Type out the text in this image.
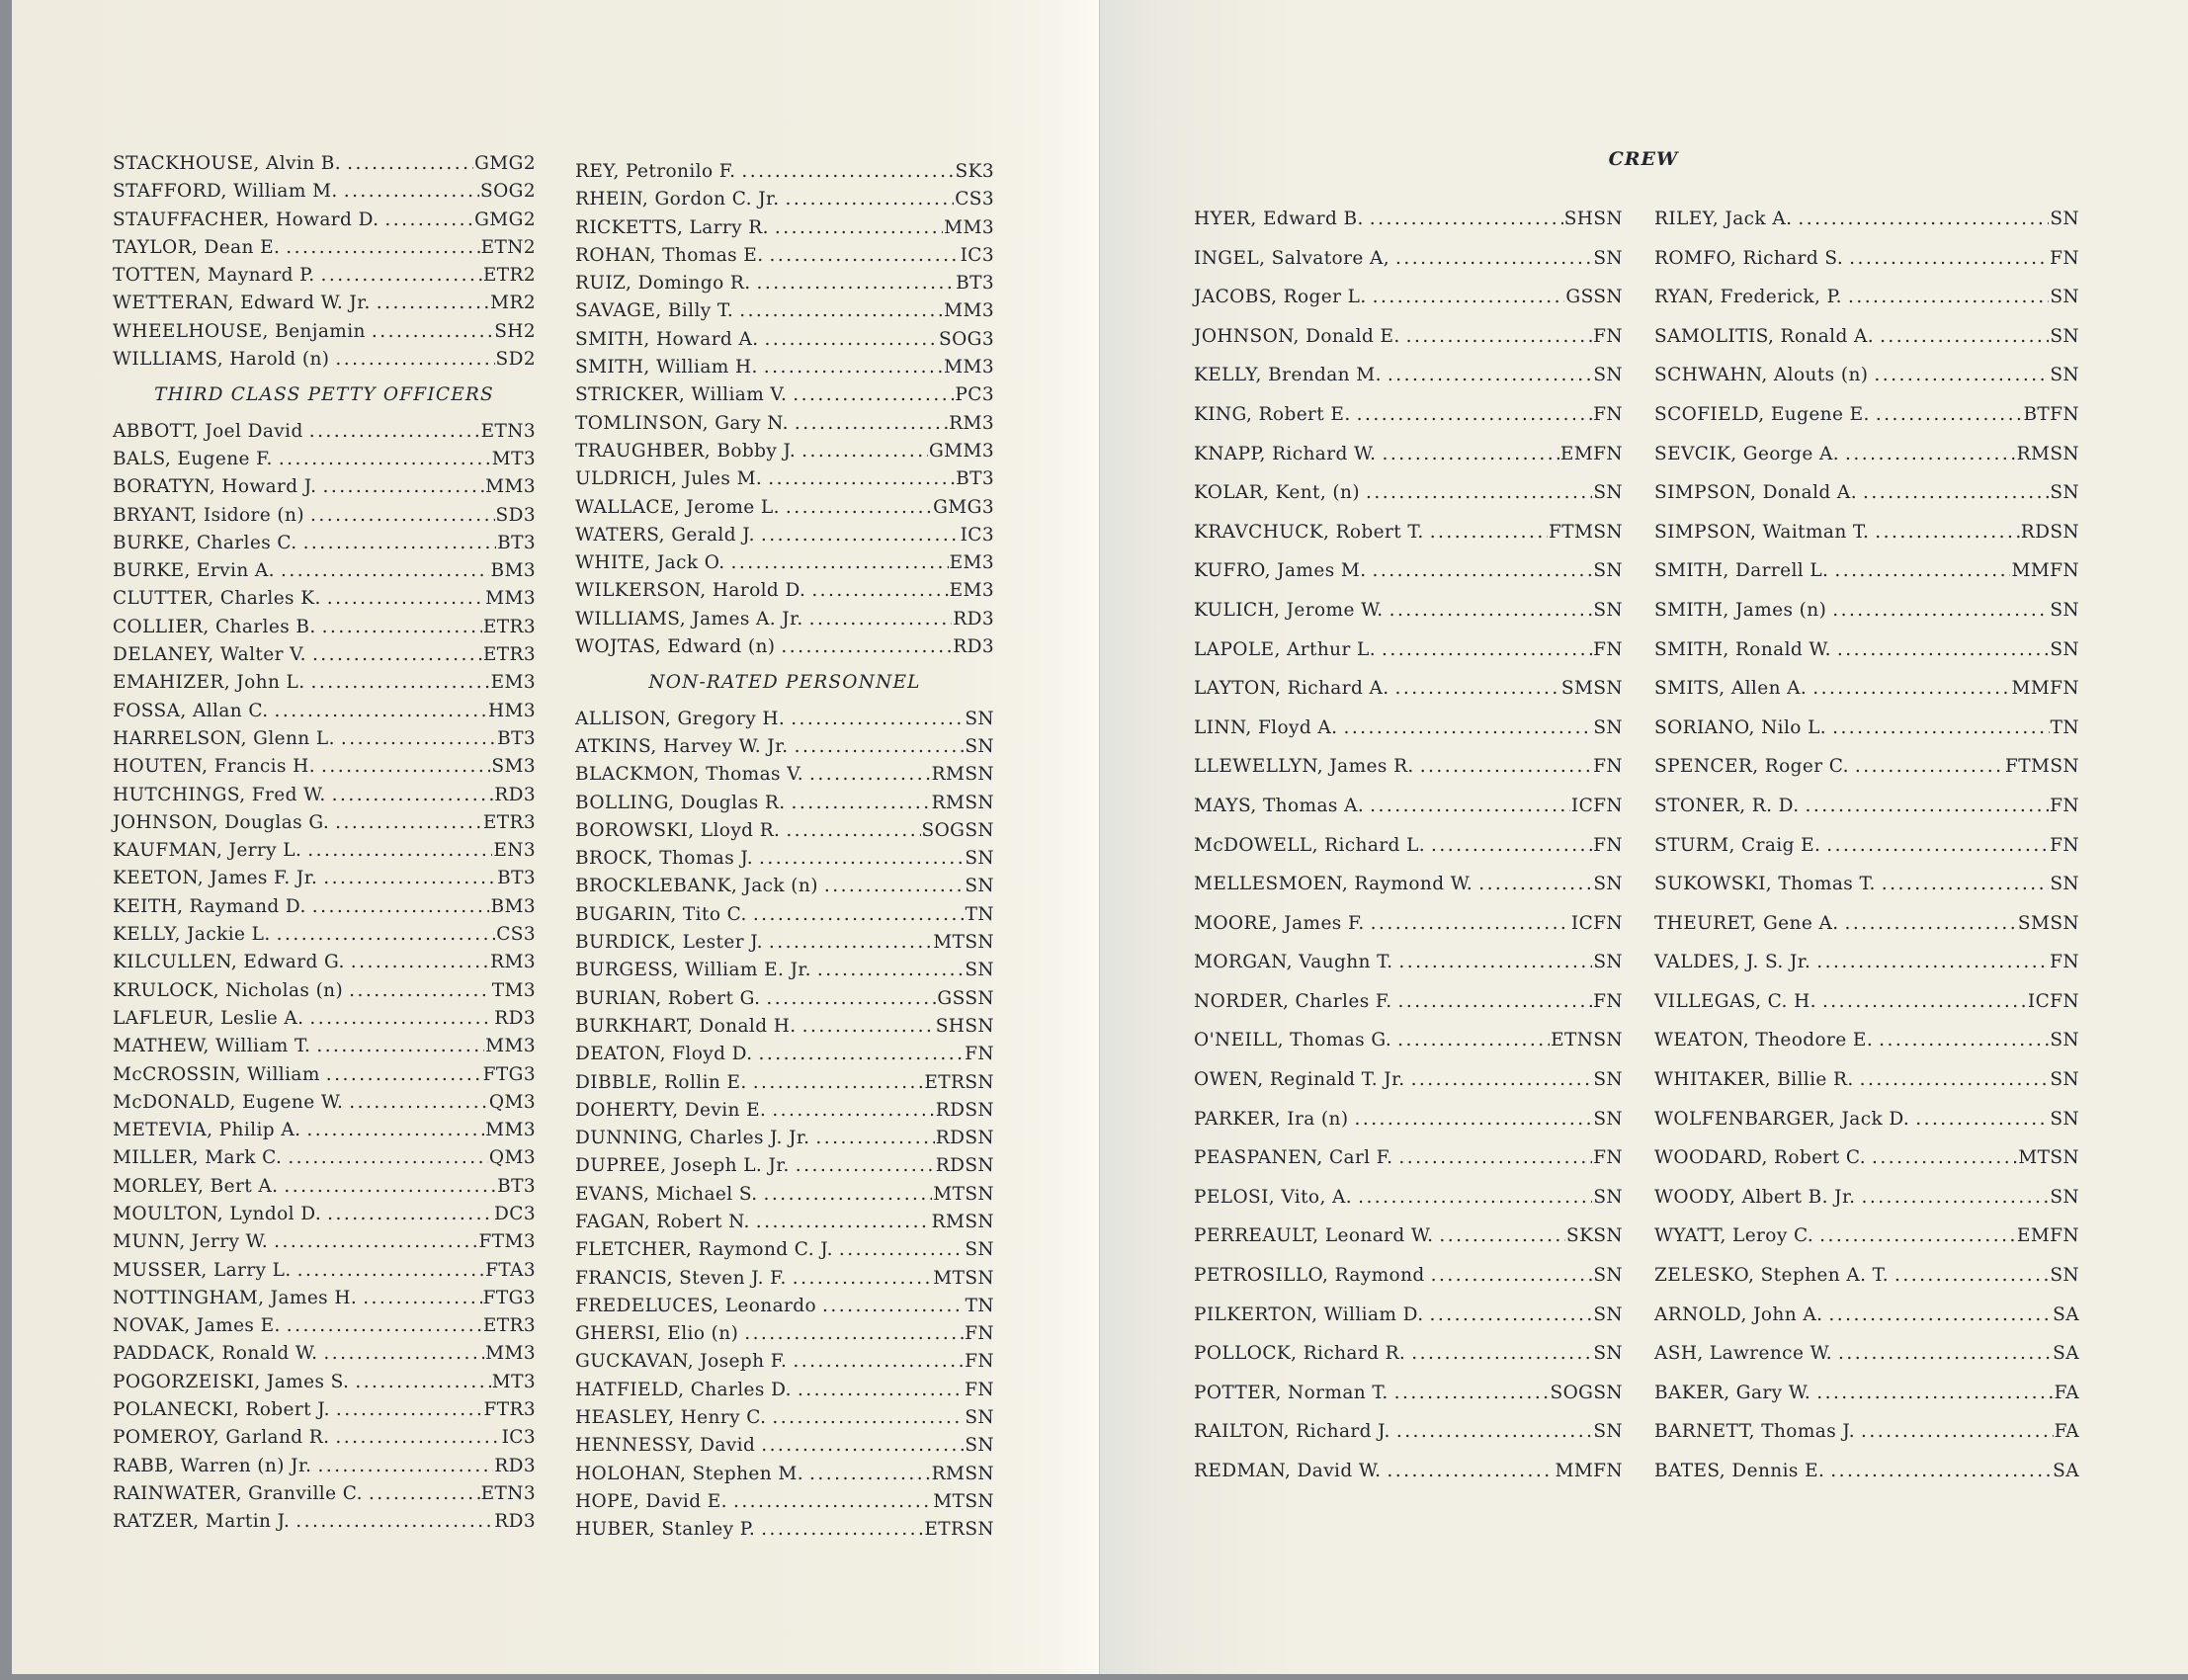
STACKHOUSE, Alvin B. . . .	GMG2
STAFFORD, William M. . . .	SOG2
STAUFFACHER, Howard D. . . .	GMG2
TAYLOR, Dean E. . . .	ETN2
TOTTEN, Maynard P. . . .	ETR2
WETTERAN, Edward W. Jr. . . .	MR2
WHEELHOUSE, Benjamin . . .	SH2
WILLIAMS, Harold (n) . . .	SD2
THIRD CLASS PETTY OFFICERS
ABBOTT, Joel David . . .	ETN3
BALS, Eugene F. . . .	MT3
BORATYN, Howard J. . . .	MM3
BRYANT, Isidore (n) . . .	SD3
BURKE, Charles C. . . .	BT3
BURKE, Ervin A. . . .	BM3
CLUTTER, Charles K. . . .	MM3
COLLIER, Charles B. . . .	ETR3
DELANEY, Walter V. . . .	ETR3
EMAHIZER, John L. . . .	EM3
FOSSA, Allan C. . . .	HM3
HARRELSON, Glenn L. . . .	BT3
HOUTEN, Francis H. . . .	SM3
HUTCHINGS, Fred W. . . .	RD3
JOHNSON, Douglas G. . . .	ETR3
KAUFMAN, Jerry L. . . .	EN3
KEETON, James F. Jr. . . .	BT3
KEITH, Raymand D. . . .	BM3
KELLY, Jackie L. . . .	CS3
KILCULLEN, Edward G. . . .	RM3
KRULOCK, Nicholas (n) . . .	TM3
LAFLEUR, Leslie A. . . .	RD3
MATHEW, William T. . . .	MM3
McCROSSIN, William . . .	FTG3
McDONALD, Eugene W. . . .	QM3
METEVIA, Philip A. . . .	MM3
MILLER, Mark C. . . .	QM3
MORLEY, Bert A. . . .	BT3
MOULTON, Lyndol D. . . .	DC3
MUNN, Jerry W. . . .	FTM3
MUSSER, Larry L. . . .	FTA3
NOTTINGHAM, James H. . . .	FTG3
NOVAK, James E. . . .	ETR3
PADDACK, Ronald W. . . .	MM3
POGORZEISKI, James S. . . .	MT3
POLANECKI, Robert J. . . .	FTR3
POMEROY, Garland R. . . .	IC3
RABB, Warren (n) Jr. . . .	RD3
RAINWATER, Granville C. . . .	ETN3
RATZER, Martin J. . . .	RD3
REY, Petronilo F. . . .	SK3
RHEIN, Gordon C. Jr. . . .	CS3
RICKETTS, Larry R. . . .	MM3
ROHAN, Thomas E. . . .	IC3
RUIZ, Domingo R. . . .	BT3
SAVAGE, Billy T. . . .	MM3
SMITH, Howard A. . . .	SOG3
SMITH, William H. . . .	MM3
STRICKER, William V. . . .	PC3
TOMLINSON, Gary N. . . .	RM3
TRAUGHBER, Bobby J. . . .	GMM3
ULDRICH, Jules M. . . .	BT3
WALLACE, Jerome L. . . .	GMG3
WATERS, Gerald J. . . .	IC3
WHITE, Jack O. . . .	EM3
WILKERSON, Harold D. . . .	EM3
WILLIAMS, James A. Jr. . . .	RD3
WOJTAS, Edward (n) . . .	RD3
NON-RATED PERSONNEL
ALLISON, Gregory H. . . .	SN
ATKINS, Harvey W. Jr. . . .	SN
BLACKMON, Thomas V. . . .	RMSN
BOLLING, Douglas R. . . .	RMSN
BOROWSKI, Lloyd R. . . .	SOGSN
BROCK, Thomas J. . . .	SN
BROCKLEBANK, Jack (n) . . .	SN
BUGARIN, Tito C. . . .	TN
BURDICK, Lester J. . . .	MTSN
BURGESS, William E. Jr. . . .	SN
BURIAN, Robert G. . . .	GSSN
BURKHART, Donald H. . . .	SHSN
DEATON, Floyd D. . . .	FN
DIBBLE, Rollin E. . . .	ETRSN
DOHERTY, Devin E. . . .	RDSN
DUNNING, Charles J. Jr. . . .	RDSN
DUPREE, Joseph L. Jr. . . .	RDSN
EVANS, Michael S. . . .	MTSN
FAGAN, Robert N. . . .	RMSN
FLETCHER, Raymond C. J. . . .	SN
FRANCIS, Steven J. F. . . .	MTSN
FREDELUCES, Leonardo . . .	TN
GHERSI, Elio (n) . . .	FN
GUCKAVAN, Joseph F. . . .	FN
HATFIELD, Charles D. . . .	FN
HEASLEY, Henry C. . . .	SN
HENNESSY, David . . .	SN
HOLOHAN, Stephen M. . . .	RMSN
HOPE, David E. . . .	MTSN
HUBER, Stanley P. . . .	ETRSN
CREW
HYER, Edward B. . . .	SHSN
INGEL, Salvatore A, . . .	SN
JACOBS, Roger L. . . .	GSSN
JOHNSON, Donald E. . . .	FN
KELLY, Brendan M. . . .	SN
KING, Robert E. . . .	FN
KNAPP, Richard W. . . .	EMFN
KOLAR, Kent, (n) . . .	SN
KRAVCHUCK, Robert T. . . .	FTMSN
KUFRO, James M. . . .	SN
KULICH, Jerome W. . . .	SN
LAPOLE, Arthur L. . . .	FN
LAYTON, Richard A. . . .	SMSN
LINN, Floyd A. . . .	SN
LLEWELLYN, James R. . . .	FN
MAYS, Thomas A. . . .	ICFN
McDOWELL, Richard L. . . .	FN
MELLESMOEN, Raymond W. . . .	SN
MOORE, James F. . . .	ICFN
MORGAN, Vaughn T. . . .	SN
NORDER, Charles F. . . .	FN
O'NEILL, Thomas G. . . .	ETNSN
OWEN, Reginald T. Jr. . . .	SN
PARKER, Ira (n) . . .	SN
PEASPANEN, Carl F. . . .	FN
PELOSI, Vito, A. . . .	SN
PERREAULT, Leonard W. . . .	SKSN
PETROSILLO, Raymond . . .	SN
PILKERTON, William D. . . .	SN
POLLOCK, Richard R. . . .	SN
POTTER, Norman T. . . .	SOGSN
RAILTON, Richard J. . . .	SN
REDMAN, David W. . . .	MMFN
RILEY, Jack A. . . .	SN
ROMFO, Richard S. . . .	FN
RYAN, Frederick, P. . . .	SN
SAMOLITIS, Ronald A. . . .	SN
SCHWAHN, Alouts (n) . . .	SN
SCOFIELD, Eugene E. . . .	BTFN
SEVCIK, George A. . . .	RMSN
SIMPSON, Donald A. . . .	SN
SIMPSON, Waitman T. . . .	RDSN
SMITH, Darrell L. . . .	MMFN
SMITH, James (n) . . .	SN
SMITH, Ronald W. . . .	SN
SMITS, Allen A. . . .	MMFN
SORIANO, Nilo L. . . .	TN
SPENCER, Roger C. . . .	FTMSN
STONER, R. D. . . .	FN
STURM, Craig E. . . .	FN
SUKOWSKI, Thomas T. . . .	SN
THEURET, Gene A. . . .	SMSN
VALDES, J. S. Jr. . . .	FN
VILLEGAS, C. H. . . .	ICFN
WEATON, Theodore E. . . .	SN
WHITAKER, Billie R. . . .	SN
WOLFENBARGER, Jack D. . . .	SN
WOODARD, Robert C. . . .	MTSN
WOODY, Albert B. Jr. . . .	SN
WYATT, Leroy C. . . .	EMFN
ZELESKO, Stephen A. T. . . .	SN
ARNOLD, John A. . . .	SA
ASH, Lawrence W. . . .	SA
BAKER, Gary W. . . .	FA
BARNETT, Thomas J. . . .	FA
BATES, Dennis E. . . .	SA
